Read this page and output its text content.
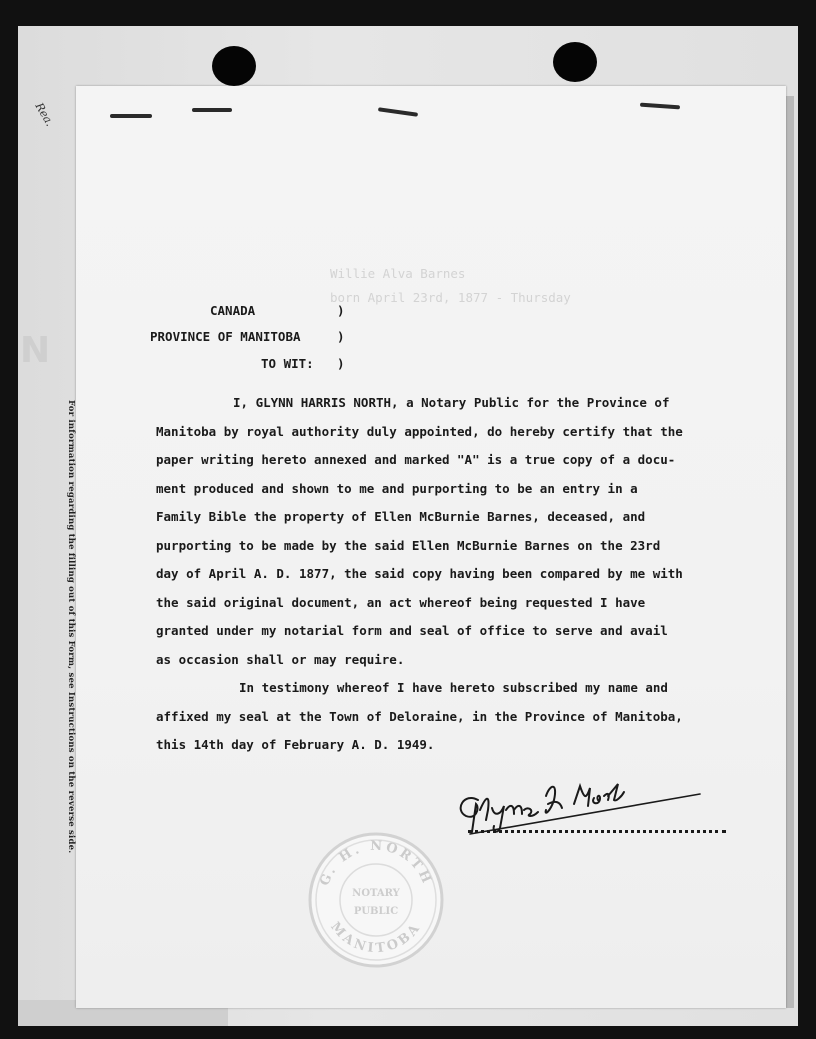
Rea.
N
For information regarding the filling out of this Form, see Instructions on the reverse side.
Willie Alva Barnes
born April 23rd, 1877 - Thursday
CANADA	)
PROVINCE OF MANITOBA	)
TO WIT: )
I, GLYNN HARRIS NORTH, a Notary Public for the Province of
Manitoba by royal authority duly appointed, do hereby certify that the
paper writing hereto annexed and marked "A" is a true copy of a docu-
ment produced and shown to me and purporting to be an entry in a
Family Bible the property of Ellen McBurnie Barnes, deceased, and
purporting to be made by the said Ellen McBurnie Barnes on the 23rd
day of April A. D. 1877, the said copy having been compared by me with
the said original document, an act whereof being requested I have
granted under my notarial form and seal of office to serve and avail
as occasion shall or may require.
In testimony whereof I have hereto subscribed my name and
affixed my seal at the Town of Deloraine, in the Province of Manitoba,
this 14th day of February A. D. 1949.
G. H. NORTH
MANITOBA
NOTARY
PUBLIC
